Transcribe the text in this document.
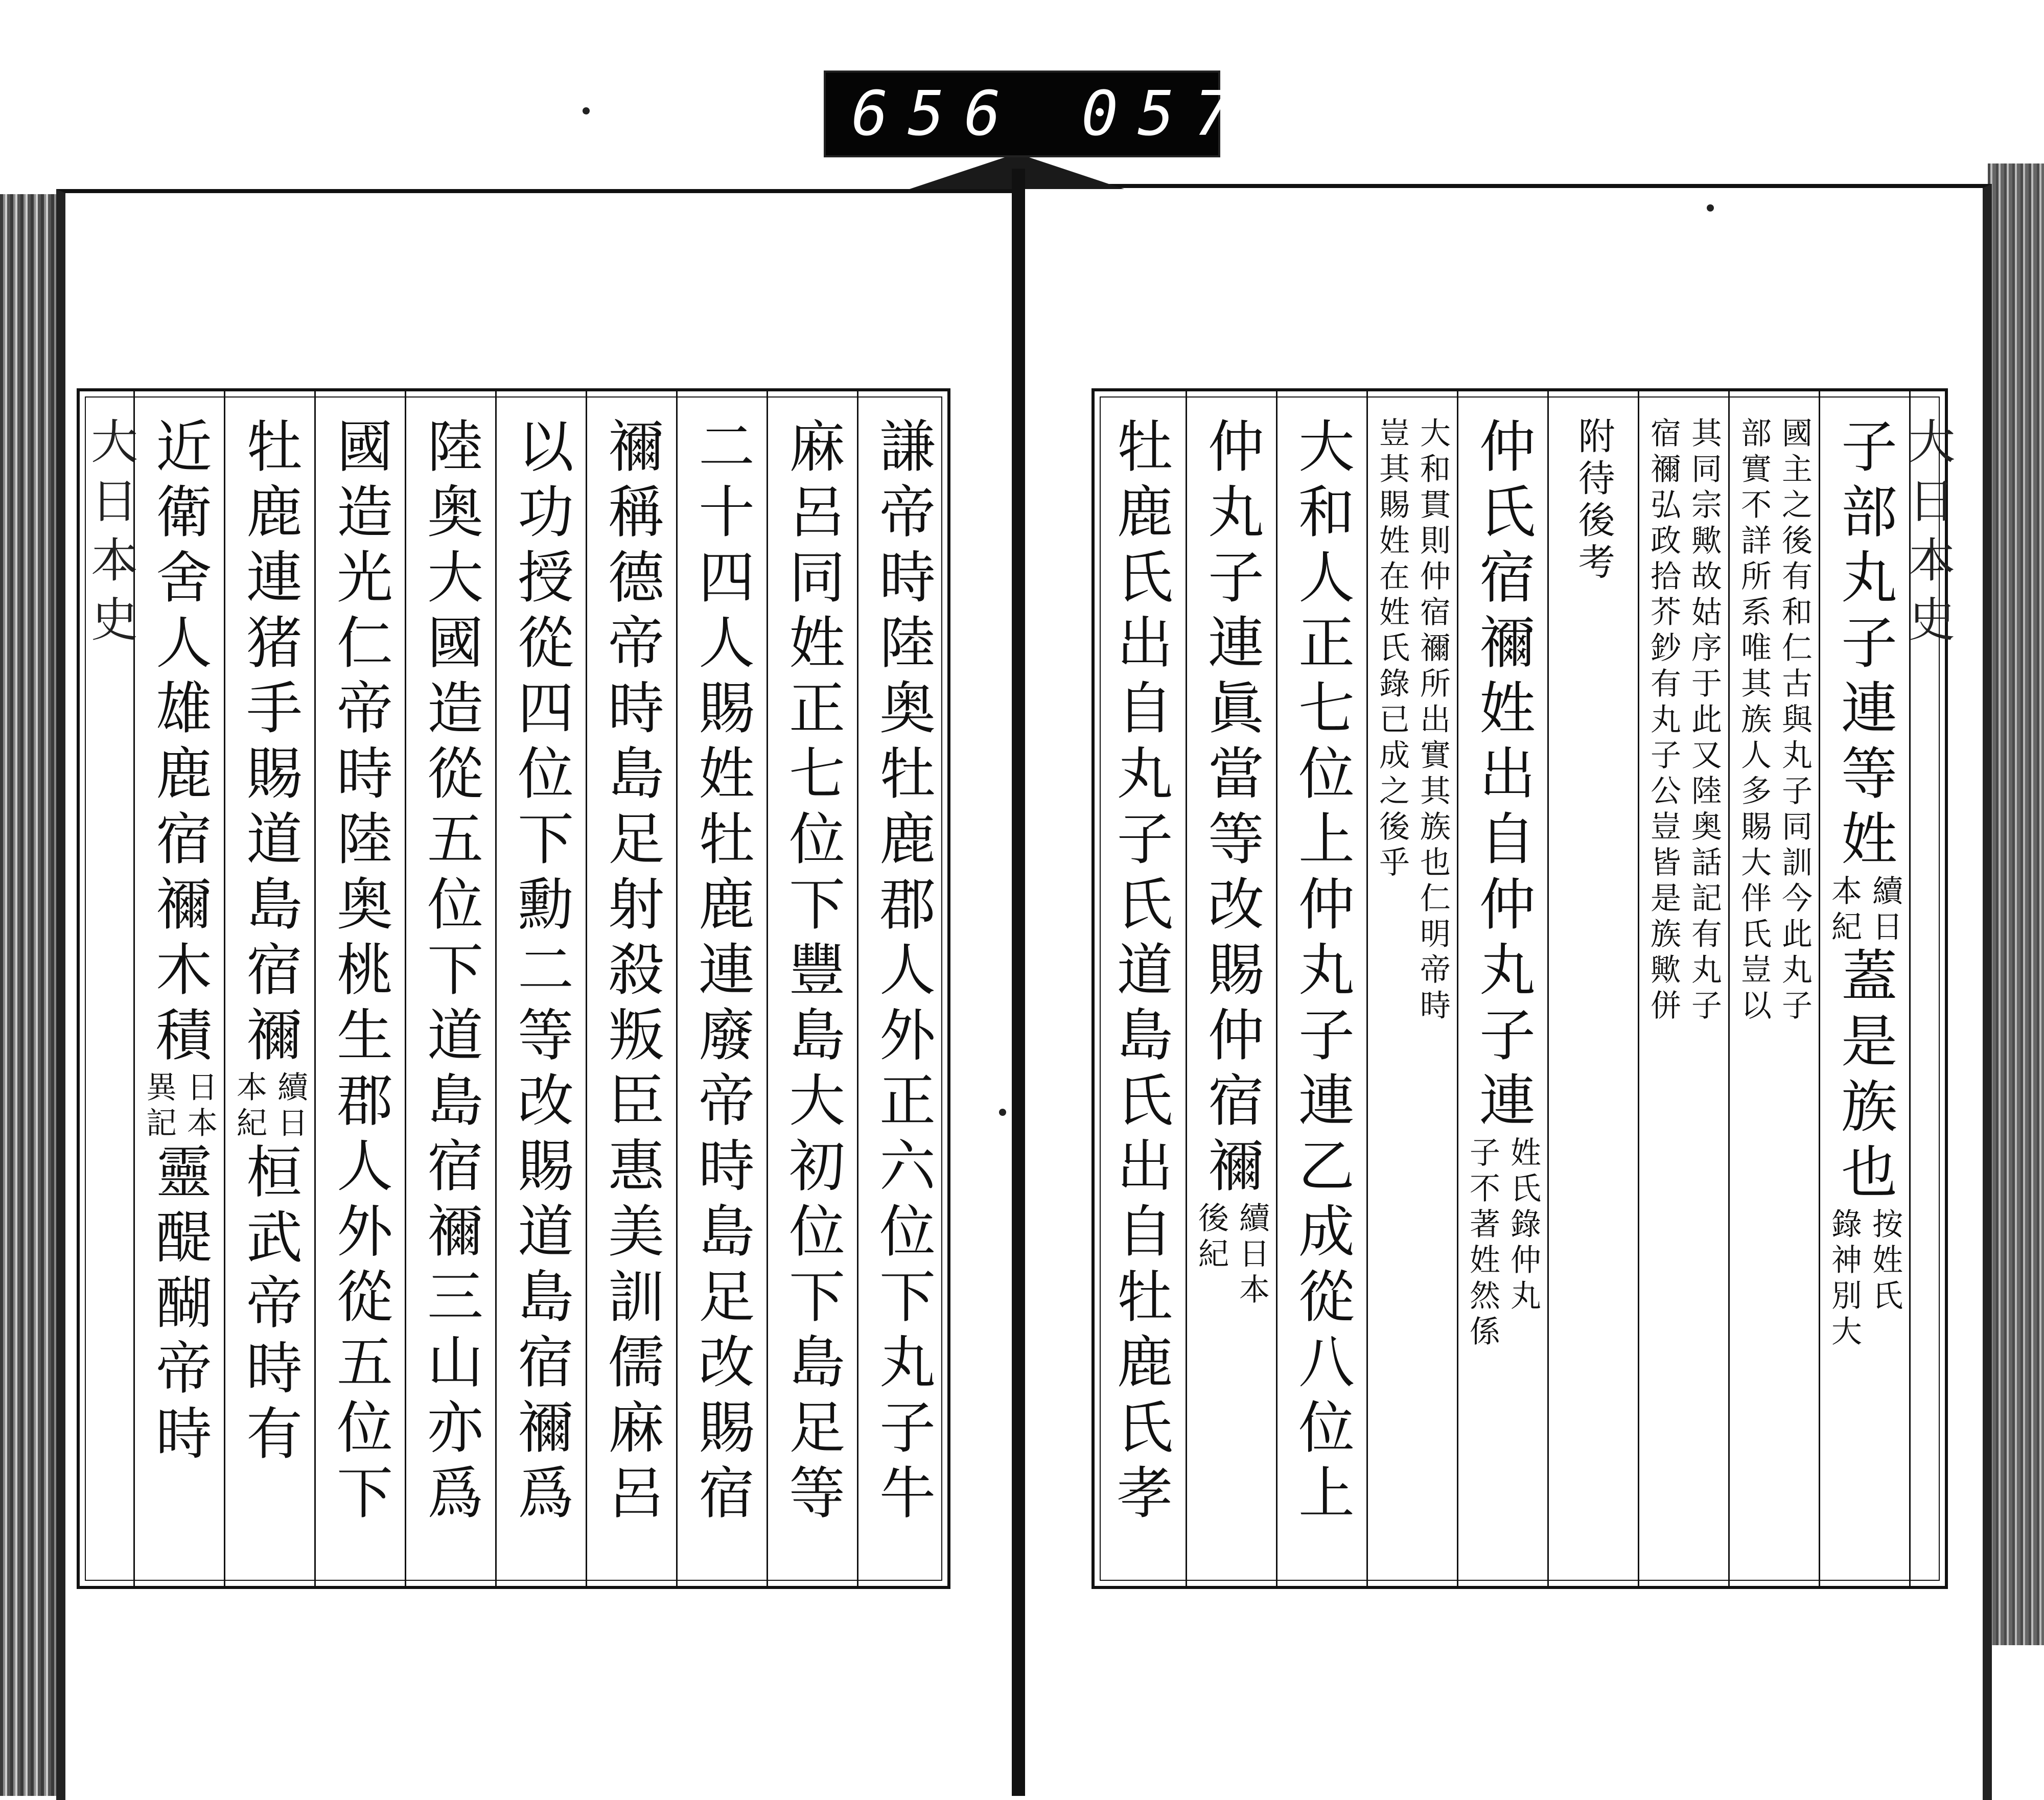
656 057
謙帝時陸奥牡鹿郡人外正六位下丸子牛
麻呂同姓正七位下豐島大初位下島足等
二十四人賜姓牡鹿連廢帝時島足改賜宿
禰稱德帝時島足射殺叛臣惠美訓儒麻呂
以功授從四位下勳二等改賜道島宿禰爲
陸奥大國造從五位下道島宿禰三山亦爲
國造光仁帝時陸奥桃生郡人外從五位下
牡鹿連猪手賜道島宿禰
續日
本紀
桓武帝時有
近衛舍人雄鹿宿禰木積
日本
異記
靈醍醐帝時
大日本史	大日本史
子部丸子連等姓
續日
本紀
蓋是族也
按姓氏
錄神別大
國主之後有和仁古與丸子同訓今此丸子
部實不詳所系唯其族人多賜大伴氏豈以
其同宗歟故姑序于此又陸奥話記有丸子
宿禰弘政拾芥鈔有丸子公豈皆是族歟併
附待後考
仲氏宿禰姓出自仲丸子連
姓氏錄仲丸
子不著姓然係
大和貫則仲宿禰所出實其族也仁明帝時
豈其賜姓在姓氏錄已成之後乎
大和人正七位上仲丸子連乙成從八位上
仲丸子連眞當等改賜仲宿禰
續日本
後紀
牡鹿氏出自丸子氏道島氏出自牡鹿氏孝
